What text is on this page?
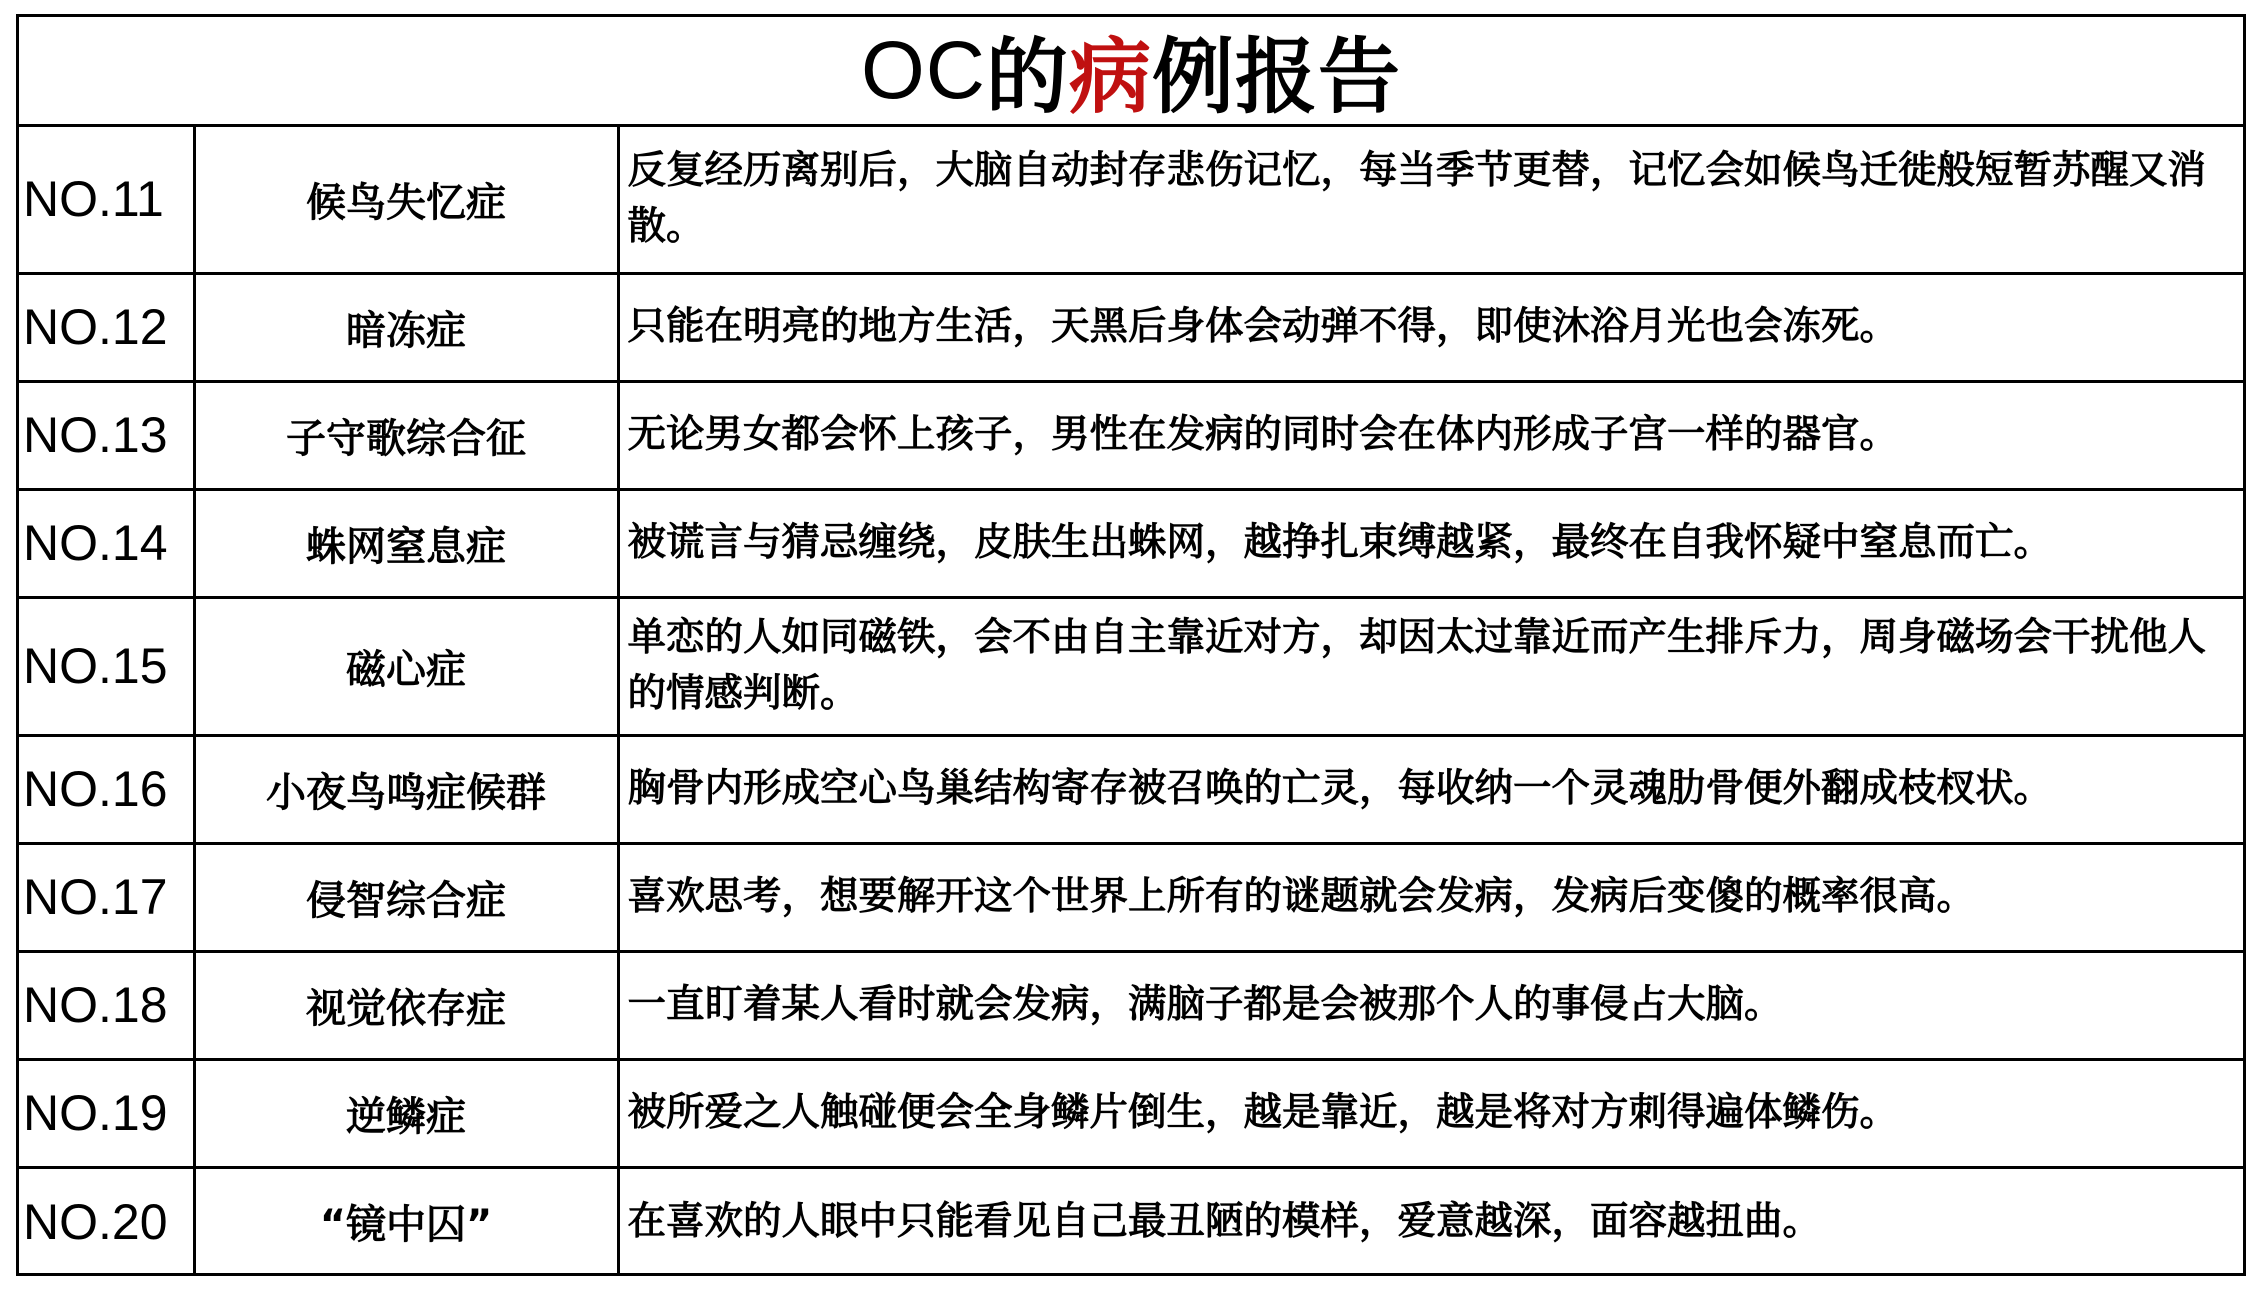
OC 的 病 例报告
NO.11	候鸟失忆症	反复经历离别后，大脑自动封存悲伤记忆，每当季节更替，记忆会如候鸟迁徙般短暂苏醒又消散。
NO.12	暗冻症	只能在明亮的地方生活，天黑后身体会动弹不得，即使沐浴月光也会冻死。
NO.13	子守歌综合征	无论男女都会怀上孩子，男性在发病的同时会在体内形成子宫一样的器官。
NO.14	蛛网窒息症	被谎言与猜忌缠绕，皮肤生出蛛网，越挣扎束缚越紧，最终在自我怀疑中窒息而亡。
NO.15	磁心症	单恋的人如同磁铁，会不由自主靠近对方，却因太过靠近而产生排斥力，周身磁场会干扰他人的情感判断。
NO.16	小夜鸟鸣症候群	胸骨内形成空心鸟巢结构寄存被召唤的亡灵，每收纳一个灵魂肋骨便外翻成枝杈状。
NO.17	侵智综合症	喜欢思考，想要解开这个世界上所有的谜题就会发病，发病后变傻的概率很高。
NO.18	视觉依存症	一直盯着某人看时就会发病，满脑子都是会被那个人的事侵占大脑。
NO.19	逆鳞症	被所爱之人触碰便会全身鳞片倒生，越是靠近，越是将对方刺得遍体鳞伤。
NO.20	“镜中囚”	在喜欢的人眼中只能看见自己最丑陋的模样，爱意越深，面容越扭曲。
